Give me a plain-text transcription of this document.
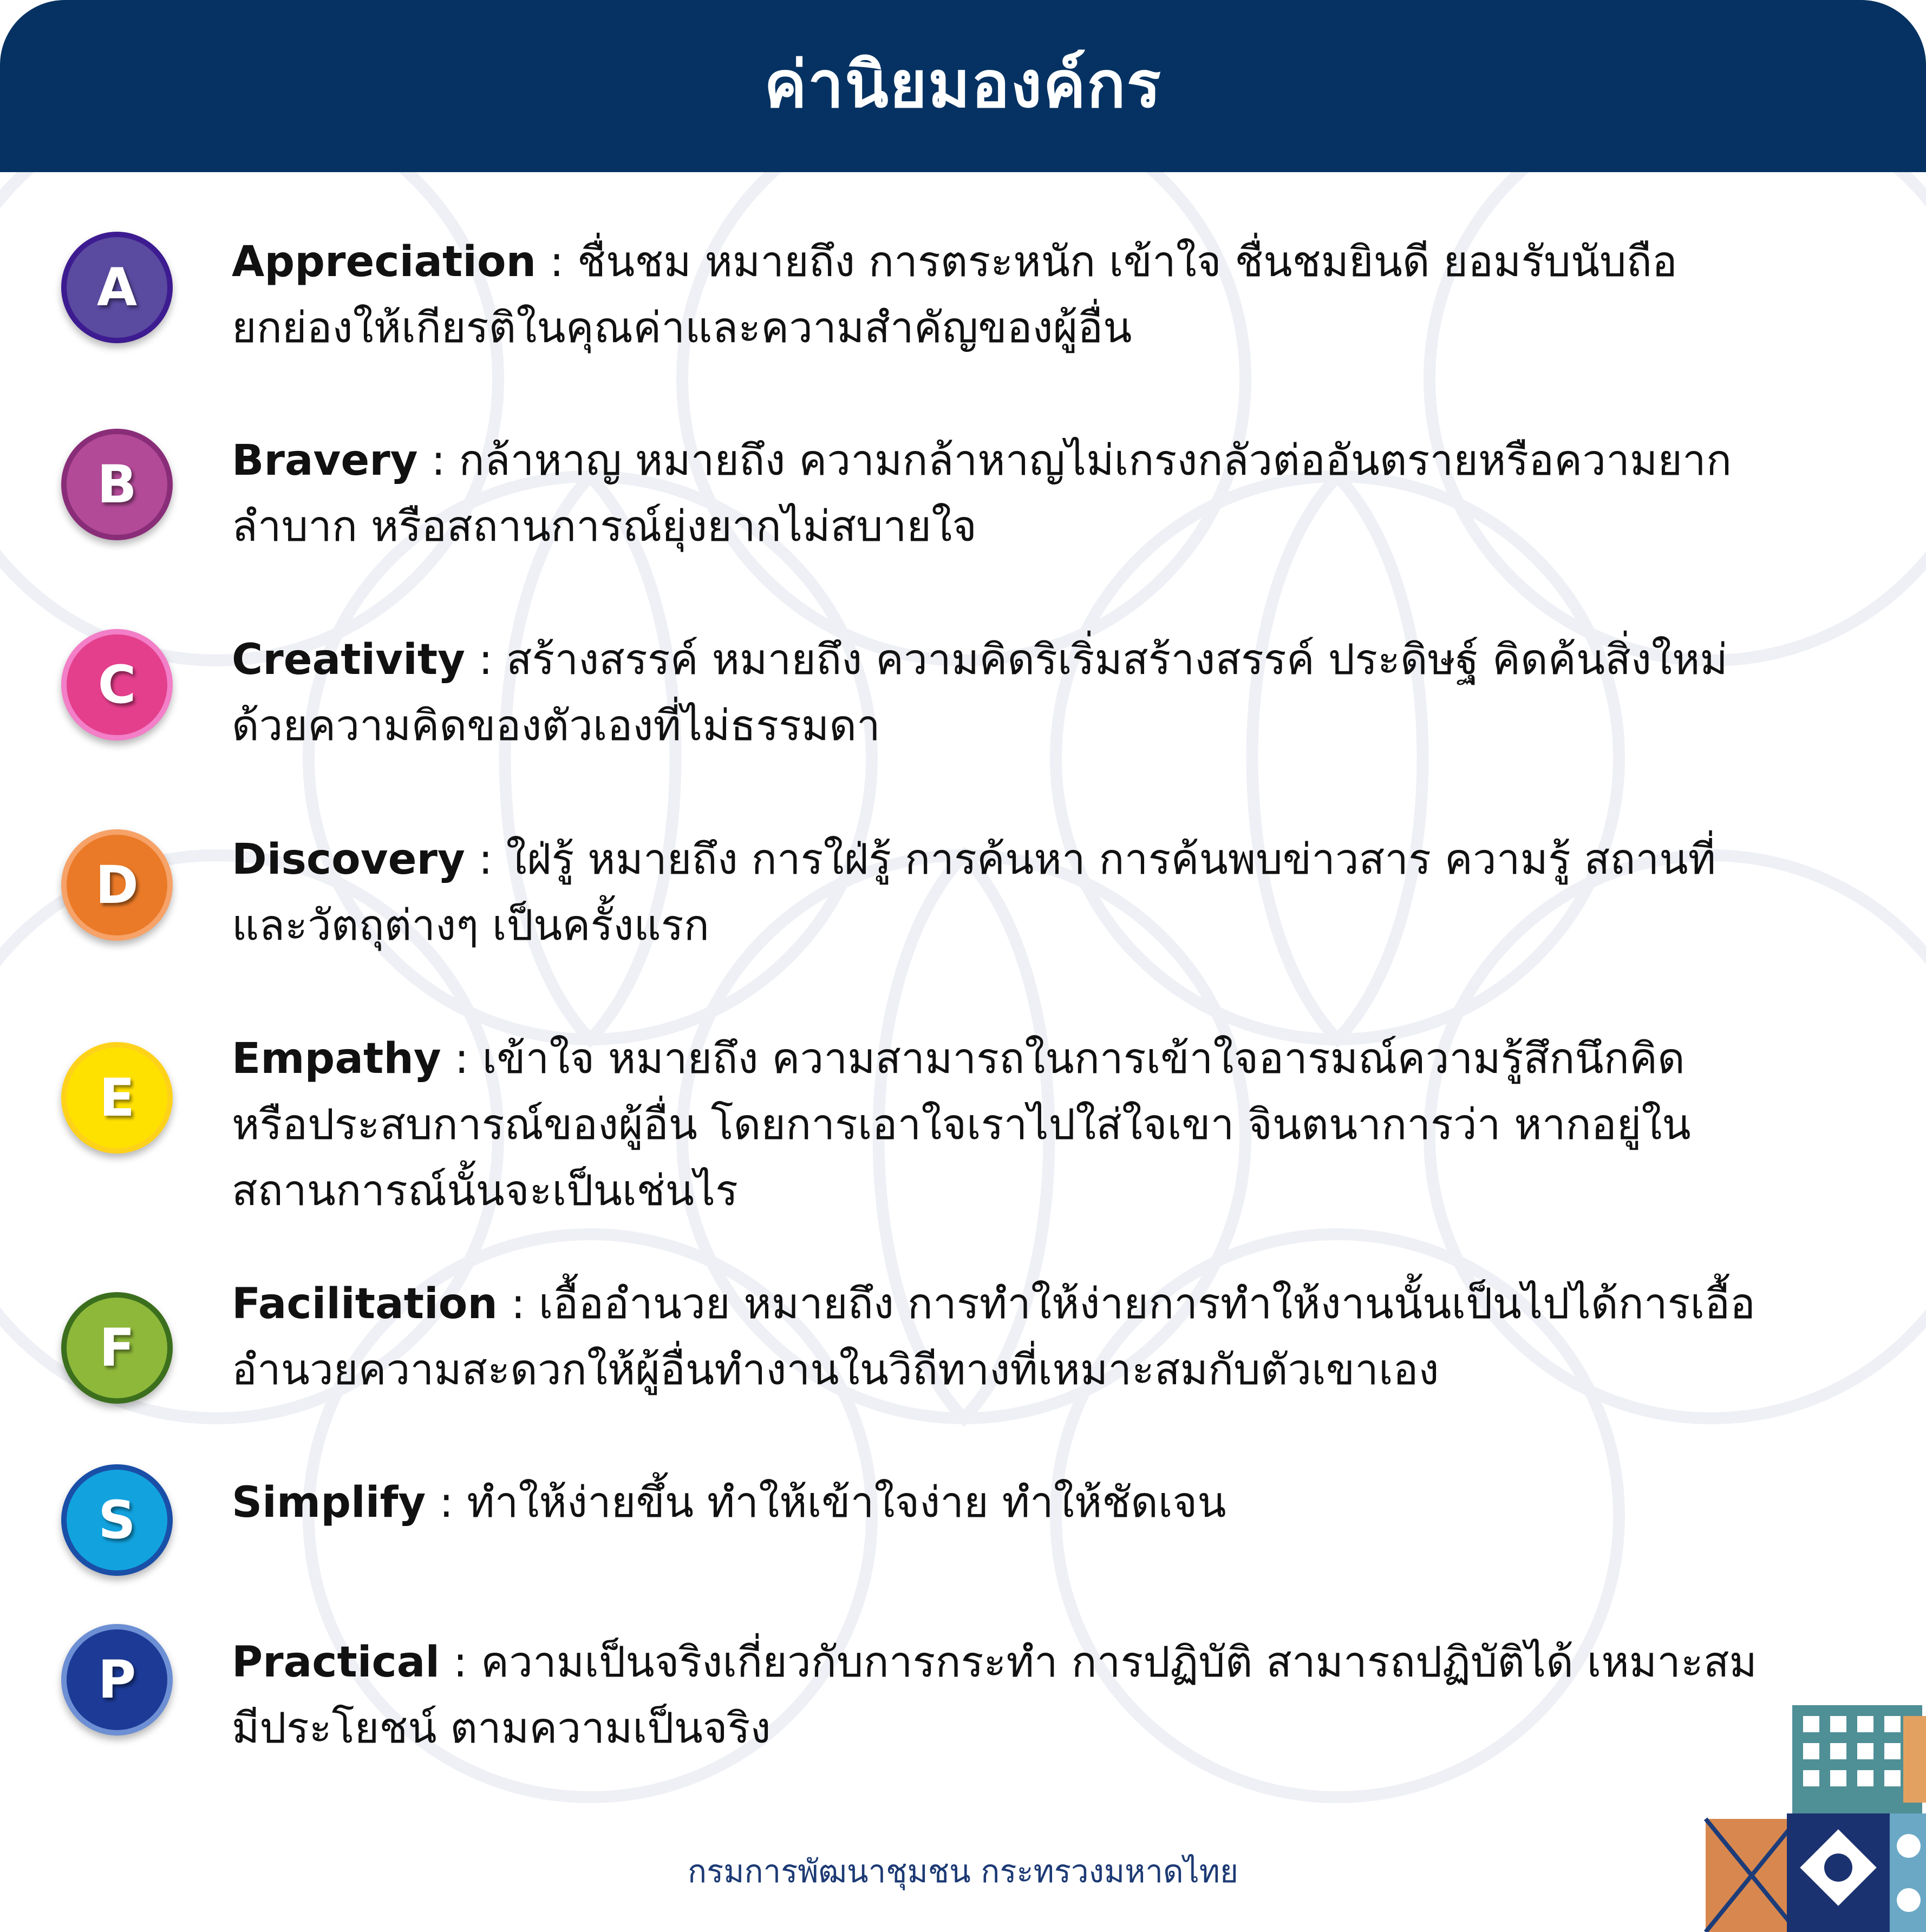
ค่านิยมองค์กร
A Appreciation : ชื่นชม หมายถึง การตระหนัก เข้าใจ ชื่นชมยินดี ยอมรับนับถือ
ยกย่องให้เกียรติในคุณค่าและความสำคัญของผู้อื่น
B Bravery : กล้าหาญ หมายถึง ความกล้าหาญไม่เกรงกลัวต่ออันตรายหรือความยาก
ลำบาก หรือสถานการณ์ยุ่งยากไม่สบายใจ
C Creativity : สร้างสรรค์ หมายถึง ความคิดริเริ่มสร้างสรรค์ ประดิษฐ์ คิดค้นสิ่งใหม่
ด้วยความคิดของตัวเองที่ไม่ธรรมดา
D Discovery : ใฝ่รู้ หมายถึง การใฝ่รู้ การค้นหา การค้นพบข่าวสาร ความรู้ สถานที่
และวัตถุต่างๆ เป็นครั้งแรก
E
Empathy : เข้าใจ หมายถึง ความสามารถในการเข้าใจอารมณ์ความรู้สึกนึกคิด
หรือประสบการณ์ของผู้อื่น โดยการเอาใจเราไปใส่ใจเขา จินตนาการว่า หากอยู่ใน
สถานการณ์นั้นจะเป็นเช่นไร
F
Facilitation : เอื้ออำนวย หมายถึง การทำให้ง่ายการทำให้งานนั้นเป็นไปได้การเอื้อ
อำนวยความสะดวกให้ผู้อื่นทำงานในวิถีทางที่เหมาะสมกับตัวเขาเอง
S Simplify : ทำให้ง่ายขึ้น ทำให้เข้าใจง่าย ทำให้ชัดเจน
P Practical : ความเป็นจริงเกี่ยวกับการกระทำ การปฏิบัติ สามารถปฏิบัติได้ เหมาะสม
มีประโยชน์ ตามความเป็นจริง
กรมการพัฒนาชุมชน กระทรวงมหาดไทย
